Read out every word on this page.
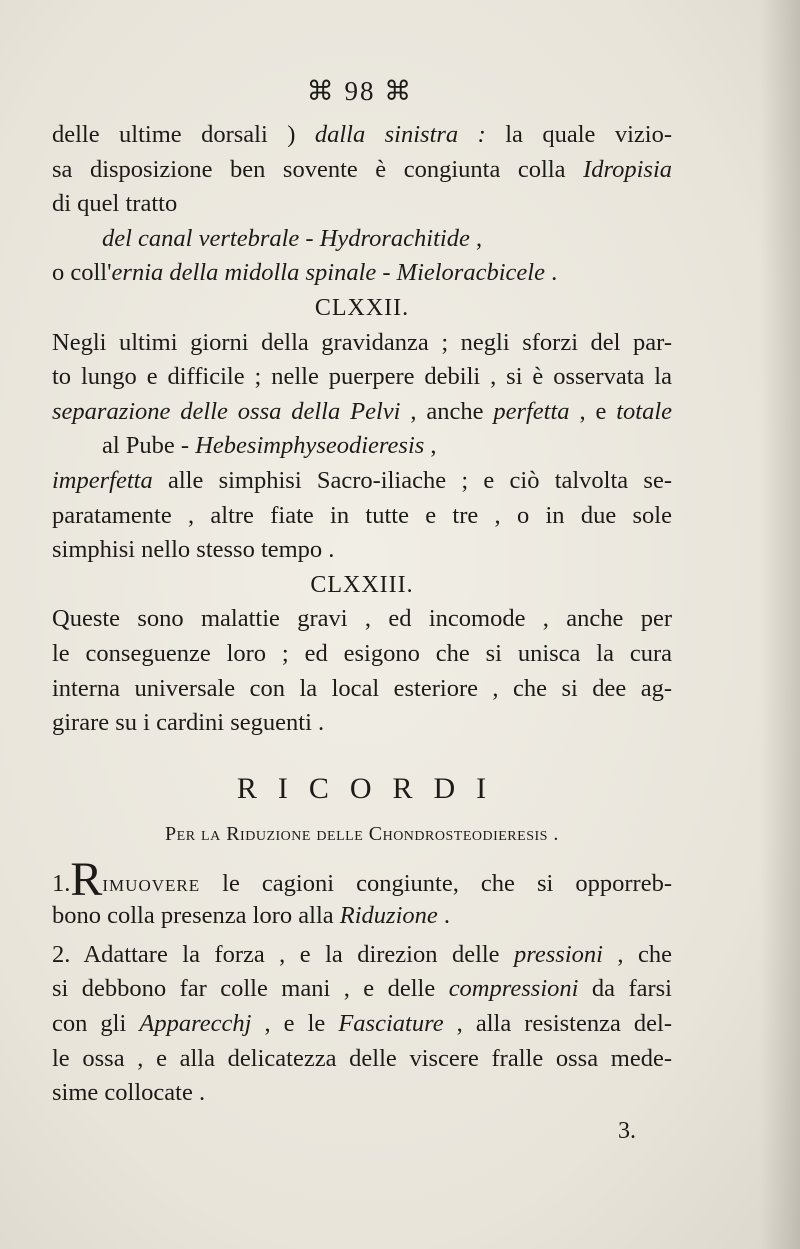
⌘ 98 ⌘
delle ultime dorsali ) dalla sinistra : la quale vizio-
sa disposizione ben sovente è congiunta colla Idropisia
di quel tratto
del canal vertebrale - Hydrorachitide ,
o coll'ernia della midolla spinale - Mieloracbicele .
CLXXII.
Negli ultimi giorni della gravidanza ; negli sforzi del par-
to lungo e difficile ; nelle puerpere debili , si è osservata la
separazione delle ossa della Pelvi , anche perfetta , e totale
al Pube - Hebesimphyseodieresis ,
imperfetta alle simphisi Sacro-iliache ; e ciò talvolta se-
paratamente , altre fiate in tutte e tre , o in due sole
simphisi nello stesso tempo .
CLXXIII.
Queste sono malattie gravi , ed incomode , anche per
le conseguenze loro ; ed esigono che si unisca la cura
interna universale con la local esteriore , che si dee ag-
girare su i cardini seguenti .
RICORDI
Per la Riduzione delle Chondrosteodieresis .
1.Rimuovere le cagioni congiunte, che si opporreb-
bono colla presenza loro alla Riduzione .
2. Adattare la forza , e la direzion delle pressioni , che
si debbono far colle mani , e delle compressioni da farsi
con gli Apparecchj , e le Fasciature , alla resistenza del-
le ossa , e alla delicatezza delle viscere fralle ossa mede-
sime collocate .
3.
